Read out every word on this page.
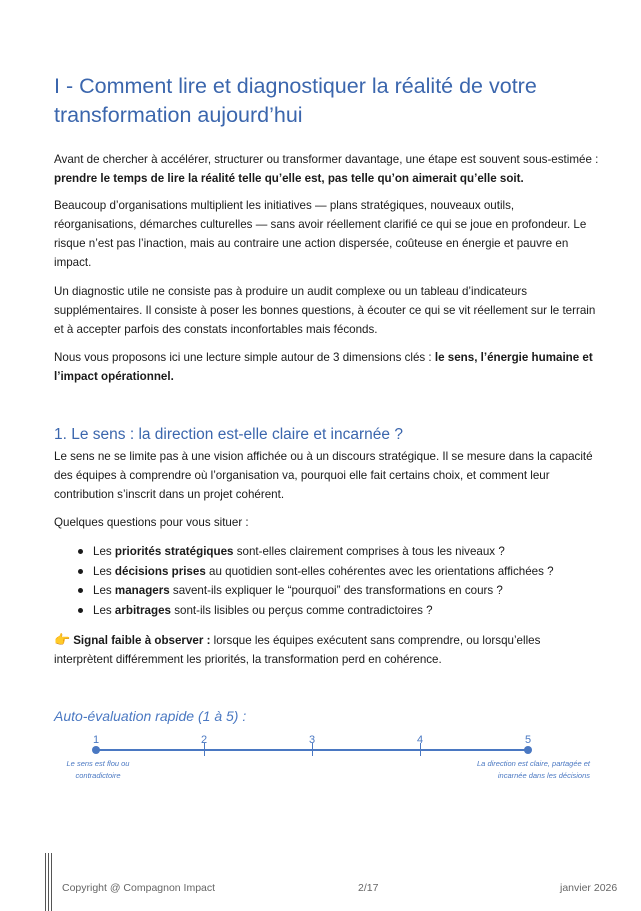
I - Comment lire et diagnostiquer la réalité de votre transformation aujourd’hui

Avant de chercher à accélérer, structurer ou transformer davantage, une étape est souvent sous-estimée : prendre le temps de lire la réalité telle qu’elle est, pas telle qu’on aimerait qu’elle soit.

Beaucoup d’organisations multiplient les initiatives — plans stratégiques, nouveaux outils, réorganisations, démarches culturelles — sans avoir réellement clarifié ce qui se joue en profondeur. Le risque n’est pas l’inaction, mais au contraire une action dispersée, coûteuse en énergie et pauvre en impact.

Un diagnostic utile ne consiste pas à produire un audit complexe ou un tableau d’indicateurs supplémentaires. Il consiste à poser les bonnes questions, à écouter ce qui se vit réellement sur le terrain et à accepter parfois des constats inconfortables mais féconds.

Nous vous proposons ici une lecture simple autour de 3 dimensions clés : le sens, l’énergie humaine et l’impact opérationnel.

1. Le sens : la direction est-elle claire et incarnée ?

Le sens ne se limite pas à une vision affichée ou à un discours stratégique. Il se mesure dans la capacité des équipes à comprendre où l’organisation va, pourquoi elle fait certains choix, et comment leur contribution s’inscrit dans un projet cohérent.

Quelques questions pour vous situer :

Les priorités stratégiques sont-elles clairement comprises à tous les niveaux ?
Les décisions prises au quotidien sont-elles cohérentes avec les orientations affichées ?
Les managers savent-ils expliquer le “pourquoi” des transformations en cours ?
Les arbitrages sont-ils lisibles ou perçus comme contradictoires ?

👉 Signal faible à observer : lorsque les équipes exécutent sans comprendre, ou lorsqu’elles interprètent différemment les priorités, la transformation perd en cohérence.

Auto-évaluation rapide (1 à 5) :
1	2	3	4	5
Le sens est flou ou contradictoire
La direction est claire, partagée et incarnée dans les décisions

Copyright @ Compagnon Impact	2/17	janvier 2026
